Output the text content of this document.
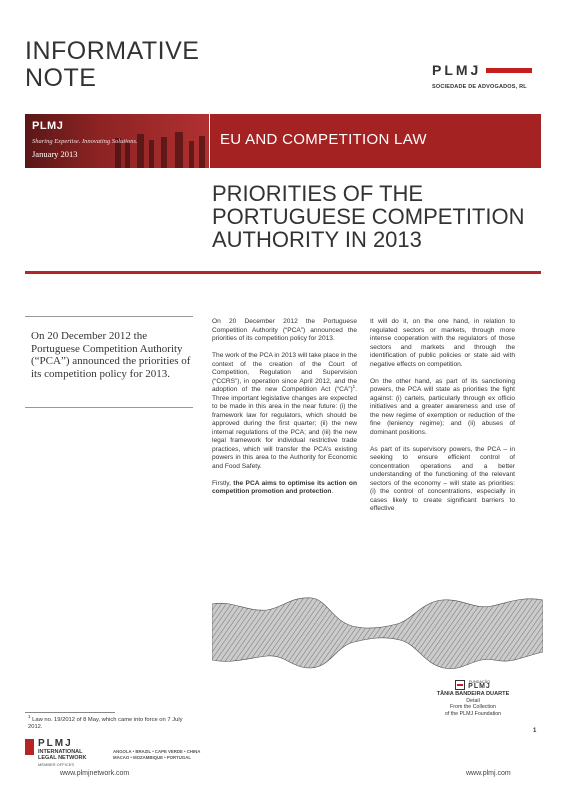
INFORMATIVE
NOTE	PLMJ
SOCIEDADE DE ADVOGADOS, RL
PLMJ
Sharing Expertise. Innovating Solutions.
January 2013
EU AND COMPETITION LAW
PRIORITIES OF THE
PORTUGUESE COMPETITION
AUTHORITY IN 2013
On 20 December 2012 the Portuguese Competition Authority (“PCA”) announced the priorities of its competition policy for 2013.

On 20 December 2012 the Portuguese Competition Authority (“PCA”) announced the priorities of its competition policy for 2013.

The work of the PCA in 2013 will take place in the context of the creation of the Court of Competition, Regulation and Supervision (“CCRS”), in operation since April 2012, and the adoption of the new Competition Act (“CA”)$^1$. Three important legislative changes are expected to be made in this area in the near future: (i) the framework law for regulators, which should be approved during the first quarter; (ii) the new internal regulations of the PCA; and (iii) the new legal framework for individual restrictive trade practices, which will transfer the PCA’s existing powers in this area to the Authority for Economic and Food Safety.

Firstly, the PCA aims to optimise its action on competition promotion and protection.

It will do it, on the one hand, in relation to regulated sectors or markets, through more intense cooperation with the regulators of those sectors and markets and through the identification of public policies or state aid with negative effects on competition.

On the other hand, as part of its sanctioning powers, the PCA will state as priorities the fight against: (i) cartels, particularly through ex officio initiatives and a greater awareness and use of the new regime of exemption or reduction of the fine (leniency regime); and (ii) abuses of dominant positions.

As part of its supervisory powers, the PCA – in seeking to ensure efficient control of concentration operations and a better understanding of the functioning of the relevant sectors of the economy – will state as priorities: (i) the control of concentrations, especially in cases likely to create significant barriers to effective

FUNDAÇÃO
PLMJ
TÂNIA BANDEIRA DUARTE
Detail
From the Collection
of the PLMJ Foundation
1
$^1$ Law no. 19/2012 of 8 May, which came into force on 7 July 2012.
PLMJ
INTERNATIONAL
LEGAL NETWORK
MEMBER OFFICES
ANGOLA • BRAZIL • CAPE VERDE • CHINA
MACAO • MOZAMBIQUE • PORTUGAL
www.plmjnetwork.com	www.plmj.com
